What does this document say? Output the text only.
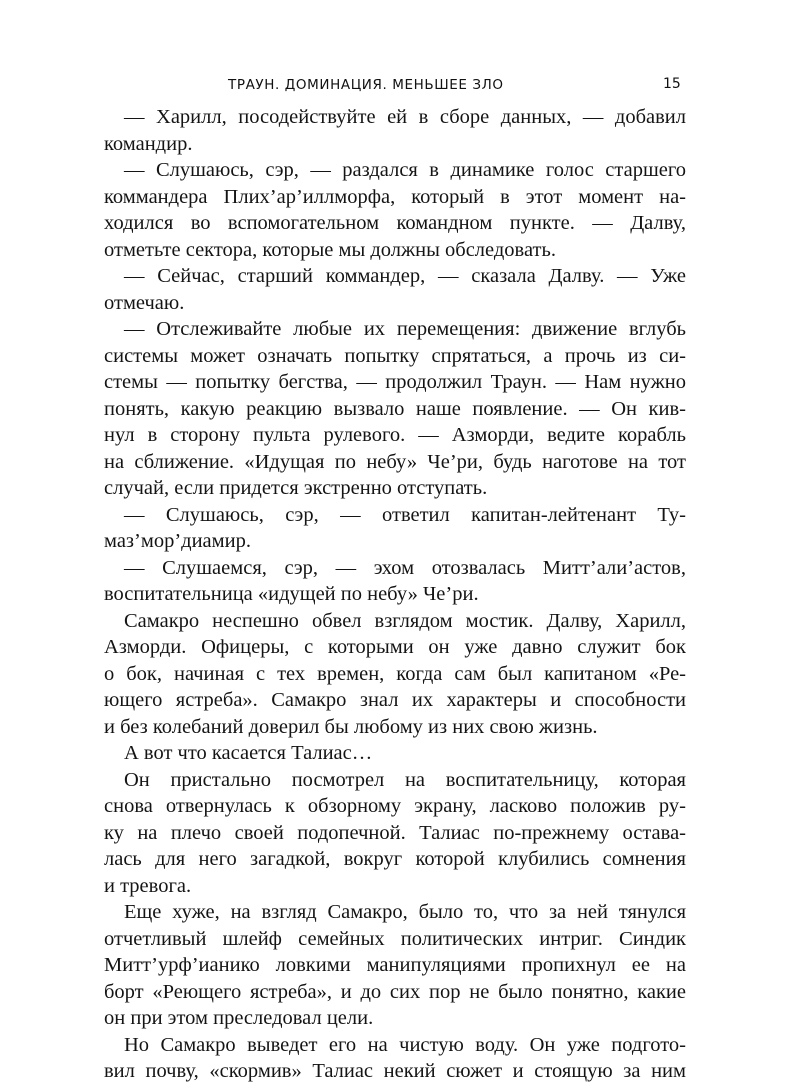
ТРАУН. ДОМИНАЦИЯ. МЕНЬШЕЕ ЗЛО	15
— Харилл, посодействуйте ей в сборе данных, — добавил
командир.
— Слушаюсь, сэр, — раздался в динамике голос старшего
коммандера Плих’ар’иллморфа, который в этот момент на-
ходился во вспомогательном командном пункте. — Далву,
отметьте сектора, которые мы должны обследовать.
— Сейчас, старший коммандер, — сказала Далву. — Уже
отмечаю.
— Отслеживайте любые их перемещения: движение вглубь
системы может означать попытку спрятаться, а прочь из си-
стемы — попытку бегства, — продолжил Траун. — Нам нужно
понять, какую реакцию вызвало наше появление. — Он кив-
нул в сторону пульта рулевого. — Азморди, ведите корабль
на сближение. «Идущая по небу» Че’ри, будь наготове на тот
случай, если придется экстренно отступать.
— Слушаюсь, сэр, — ответил капитан-лейтенант Ту-
маз’мор’диамир.
— Слушаемся, сэр, — эхом отозвалась Митт’али’астов,
воспитательница «идущей по небу» Че’ри.
Самакро неспешно обвел взглядом мостик. Далву, Харилл,
Азморди. Офицеры, с которыми он уже давно служит бок
о бок, начиная с тех времен, когда сам был капитаном «Ре-
ющего ястреба». Самакро знал их характеры и способности
и без колебаний доверил бы любому из них свою жизнь.
А вот что касается Талиас…
Он пристально посмотрел на воспитательницу, которая
снова отвернулась к обзорному экрану, ласково положив ру-
ку на плечо своей подопечной. Талиас по-прежнему остава-
лась для него загадкой, вокруг которой клубились сомнения
и тревога.
Еще хуже, на взгляд Самакро, было то, что за ней тянулся
отчетливый шлейф семейных политических интриг. Синдик
Митт’урф’ианико ловкими манипуляциями пропихнул ее на
борт «Реющего ястреба», и до сих пор не было понятно, какие
он при этом преследовал цели.
Но Самакро выведет его на чистую воду. Он уже подгото-
вил почву, «скормив» Талиас некий сюжет и стоящую за ним
